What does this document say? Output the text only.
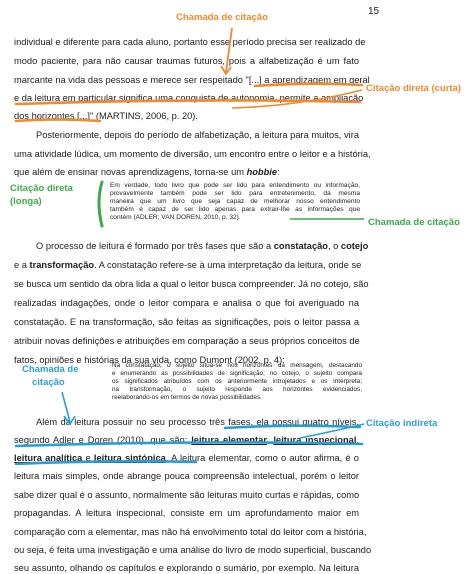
15
Chamada de citação
Citação direta (curta)
Citação direta
(longa)
Chamada de citação
Chamada de
citação
Citação indireta
individual e diferente para cada aluno, portanto esse período precisa ser realizado de
modo paciente, para não causar traumas futuros, pois a alfabetização é um fato
marcante na vida das pessoas e merece ser respeitado "[...] a aprendizagem em geral
e da leitura em particular significa uma conquista de autonomia, permite a ampliação
dos horizontes [...]" (MARTINS, 2006, p. 20).
Posteriormente, depois do período de alfabetização, a leitura para muitos, vira
uma atividade lúdica, um momento de diversão, um encontro entre o leitor e a história,
que além de ensinar novas aprendizagens, torna-se um hobbie:
Em verdade, todo livro que pode ser lido para entendimento ou informação,
provavelmente também pode ser lido para entretenimento, da mesma
maneira que um livro que seja capaz de melhorar nosso entendimento
também é capaz de ser lido apenas para extrair-lhe as informações que
contém (ADLER; VAN DOREN, 2010, p. 32).
O processo de leitura é formado por três fases que são a constatação, o cotejo
e a transformação. A constatação refere-se à uma interpretação da leitura, onde se
se busca um sentido da obra lida a qual o leitor busca compreender. Já no cotejo, são
realizadas indagações, onde o leitor compara e analisa o que foi averiguado na
constatação. E na transformação, são feitas as significações, pois o leitor passa a
atribuir novas definições e atribuições em comparação a seus próprios conceitos de
fatos, opiniões e histórias da sua vida, como Dumont (2002, p. 4):
Na constatação, o sujeito situa-se nos horizontes da mensagem, destacando
e enumerando as possibilidades de significação; no cotejo, o sujeito compara
os significados atribuídos com os anteriormente introjetados e os interpreta;
na transformação, o sujeito responde aos horizontes evidenciados,
reelaborando-os em termos de novas possibilidades.
Além da leitura possuir no seu processo três fases, ela possui quatro níveis,
segundo Adler e Doren (2010), que são: leitura elementar, leitura inspecional,
leitura analítica e leitura sintópica. A leitura elementar, como o autor afirma, é o
leitura mais simples, onde abrange pouca compreensão intelectual, porém o leitor
sabe dizer qual é o assunto, normalmente são leituras muito curtas e rápidas, como
propagandas. A leitura inspecional, consiste em um aprofundamento maior em
comparação com a elementar, mas não há envolvimento total do leitor com a história,
ou seja, é feita uma investigação e uma análise do livro de modo superficial, buscando
seu assunto, olhando os capítulos e explorando o sumário, por exemplo. Na leitura
